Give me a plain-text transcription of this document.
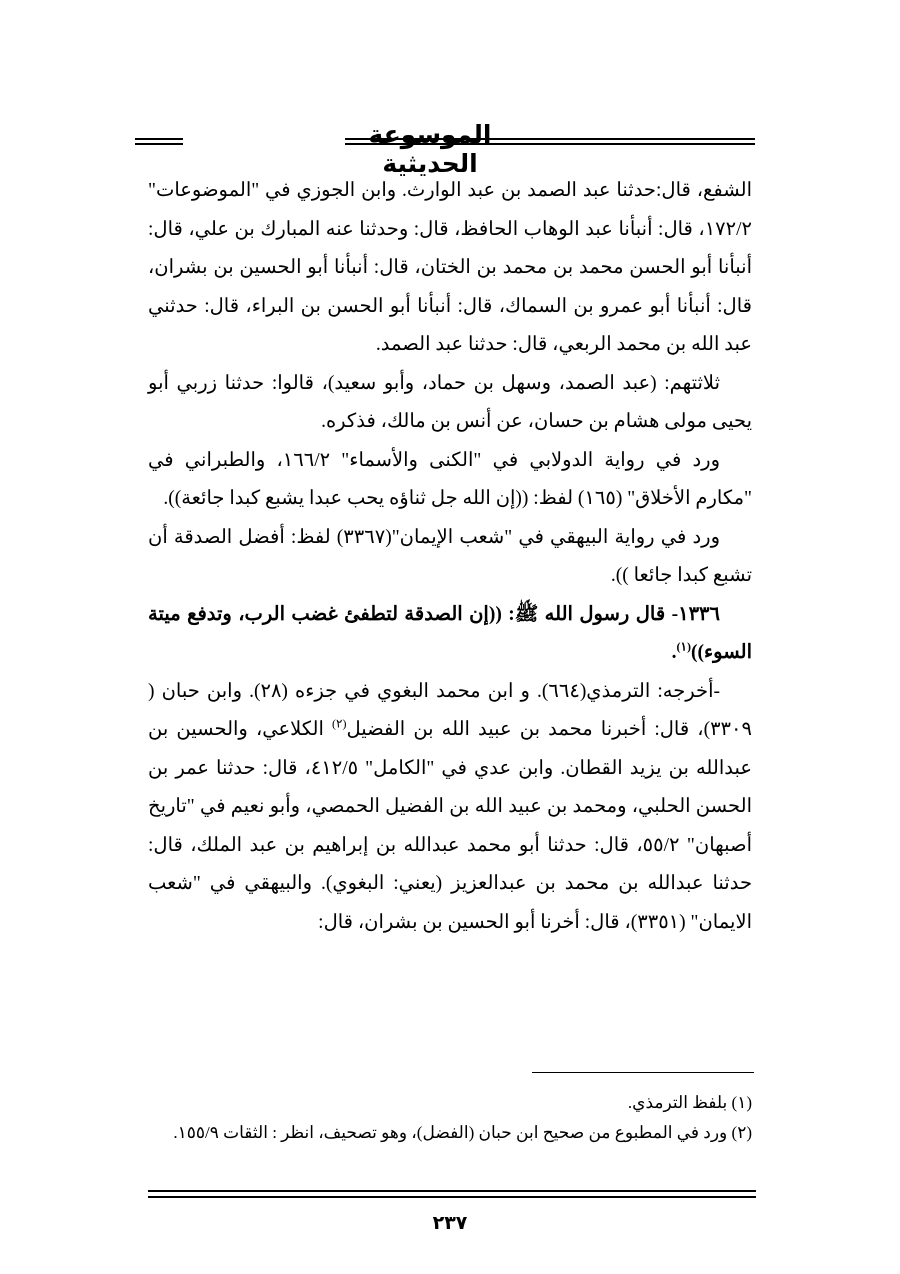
الموسوعة الحديثية

الشفع، قال:حدثنا عبد الصمد بن عبد الوارث. وابن الجوزي في "الموضوعات" ١٧٢/٢، قال: أنبأنا عبد الوهاب الحافظ، قال: وحدثنا عنه المبارك بن علي، قال: أنبأنا أبو الحسن محمد بن محمد بن الختان، قال: أنبأنا أبو الحسين بن بشران، قال: أنبأنا أبو عمرو بن السماك، قال: أنبأنا أبو الحسن بن البراء، قال: حدثني عبد الله بن محمد الربعي، قال: حدثنا عبد الصمد.

ثلاثتهم: (عبد الصمد، وسهل بن حماد، وأبو سعيد)، قالوا: حدثنا زربي أبو يحيى مولى هشام بن حسان، عن أنس بن مالك، فذكره.

ورد في رواية الدولابي في "الكنى والأسماء" ١٦٦/٢، والطبراني في "مكارم الأخلاق" (١٦٥) لفظ: ((إن الله جل ثناؤه يحب عبدا يشبع كبدا جائعة)).

ورد في رواية البيهقي في "شعب الإيمان"(٣٣٦٧) لفظ: أفضل الصدقة أن تشبع كبدا جائعا )).

١٣٣٦- قال رسول الله ﷺ: ((إن الصدقة لتطفئ غضب الرب، وتدفع ميتة السوء))$^{(١)}$.

-أخرجه: الترمذي(٦٦٤). و ابن محمد البغوي في جزءه (٢٨). وابن حبان ( ٣٣٠٩)، قال: أخبرنا محمد بن عبيد الله بن الفضيل$^{(٢)}$ الكلاعي، والحسين بن عبدالله بن يزيد القطان. وابن عدي في "الكامل" ٤١٢/٥، قال: حدثنا عمر بن الحسن الحلبي، ومحمد بن عبيد الله بن الفضيل الحمصي، وأبو نعيم في "تاريخ أصبهان" ٥٥/٢، قال: حدثنا أبو محمد عبدالله بن إبراهيم بن عبد الملك، قال: حدثنا عبدالله بن محمد بن عبدالعزيز (يعني: البغوي). والبيهقي في "شعب الايمان" (٣٣٥١)، قال: أخرنا أبو الحسين بن بشران، قال:

(١) بلفظ الترمذي.

(٢) ورد في المطبوع من صحيح ابن حبان (الفضل)، وهو تصحيف، انظر : الثقات ١٥٥/٩.

٢٣٧
